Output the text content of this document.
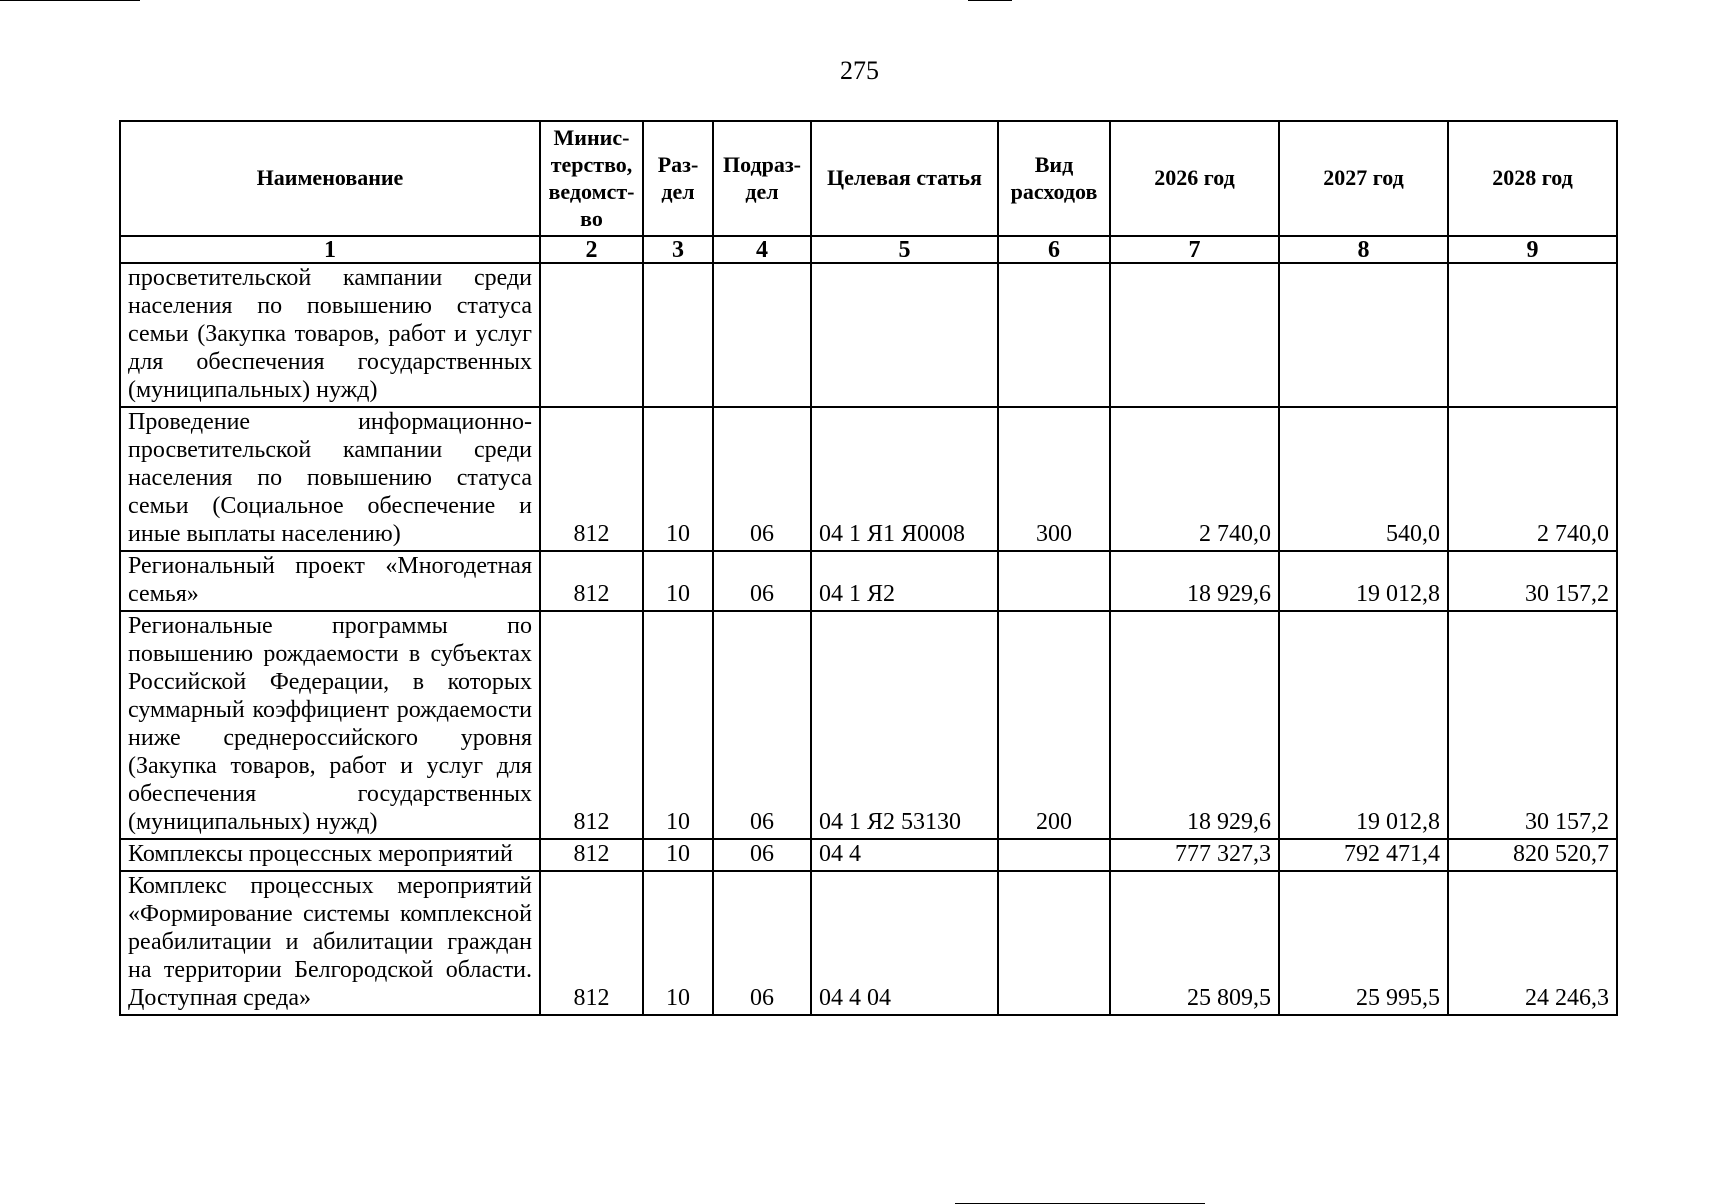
275
Наименование	Минис-терство, ведомст-во	Раз-дел	Подраз-дел	Целевая статья	Вид расходов	2026 год	2027 год	2028 год
1	2	3	4	5	6	7	8	9
просветительской кампании среди населения по повышению статуса семьи (Закупка товаров, работ и услуг для обеспечения государственных (муниципальных) нужд)								
Проведение информационно-просветительской кампании среди населения по повышению статуса семьи (Социальное обеспечение и иные выплаты населению)	812	10	06	04 1 Я1 Я0008	300	2 740,0	540,0	2 740,0
Региональный проект «Многодетная семья»	812	10	06	04 1 Я2		18 929,6	19 012,8	30 157,2
Региональные программы по повышению рождаемости в субъектах Российской Федерации, в которых суммарный коэффициент рождаемости ниже среднероссийского уровня (Закупка товаров, работ и услуг для обеспечения государственных (муниципальных) нужд)	812	10	06	04 1 Я2 53130	200	18 929,6	19 012,8	30 157,2
Комплексы процессных мероприятий	812	10	06	04 4		777 327,3	792 471,4	820 520,7
Комплекс процессных мероприятий «Формирование системы комплексной реабилитации и абилитации граждан на территории Белгородской области. Доступная среда»	812	10	06	04 4 04		25 809,5	25 995,5	24 246,3
